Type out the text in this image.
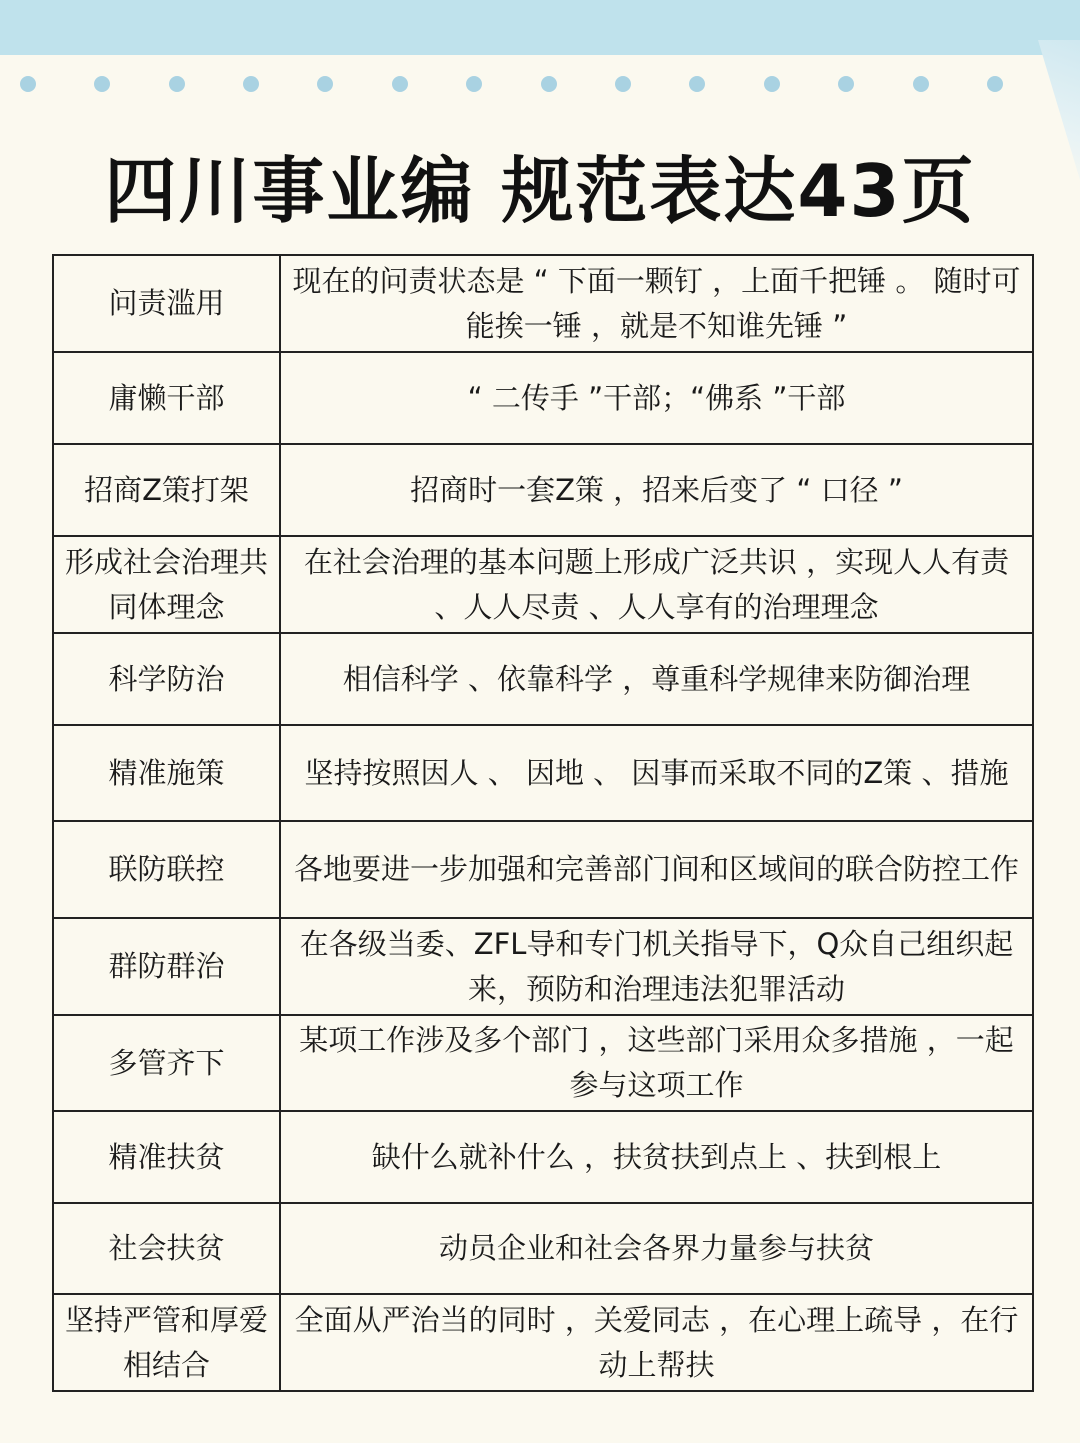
四川事业编 规范表达43页
问责滥用	现在的问责状态是 “ 下面一颗钉 ，上面千把锤 。 随时可能挨一锤 ，就是不知谁先锤 ”
庸懒干部	“ 二传手 ”干部；“佛系 ”干部
招商Z策打架	招商时一套Z策 ，招来后变了 “ 口径 ”
形成社会治理共同体理念	在社会治理的基本问题上形成广泛共识 ，实现人人有责 、人人尽责 、人人享有的治理理念
科学防治	相信科学 、依靠科学 ，尊重科学规律来防御治理
精准施策	坚持按照因人 、 因地 、 因事而采取不同的Z策 、措施
联防联控	各地要进一步加强和完善部门间和区域间的联合防控工作
群防群治	在各级当委、ZFL导和专门机关指导下，Q众自己组织起来，预防和治理违法犯罪活动
多管齐下	某项工作涉及多个部门 ，这些部门采用众多措施 ，一起参与这项工作
精准扶贫	缺什么就补什么 ，扶贫扶到点上 、扶到根上
社会扶贫	动员企业和社会各界力量参与扶贫
坚持严管和厚爱相结合	全面从严治当的同时 ，关爱同志 ，在心理上疏导 ，在行动上帮扶
